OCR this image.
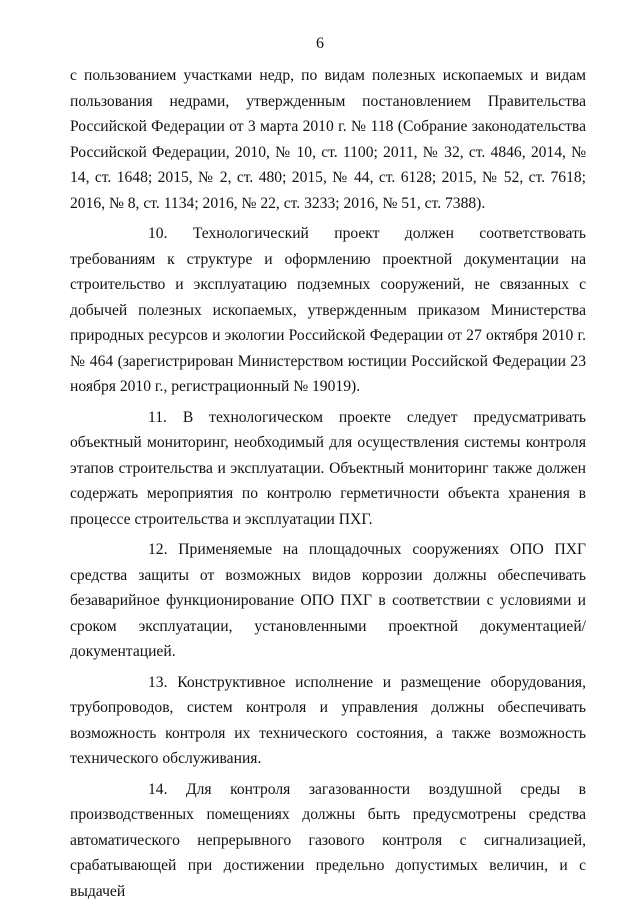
6

с пользованием участками недр, по видам полезных ископаемых и видам пользования недрами, утвержденным постановлением Правительства Российской Федерации от 3 марта 2010 г. № 118 (Собрание законодательства Российской Федерации, 2010, № 10, ст. 1100; 2011, № 32, ст. 4846, 2014, № 14, ст. 1648; 2015, № 2, ст. 480; 2015, № 44, ст. 6128; 2015, № 52, ст. 7618; 2016, № 8, ст. 1134; 2016, № 22, ст. 3233; 2016, № 51, ст. 7388).

10. Технологический проект должен соответствовать требованиям к структуре и оформлению проектной документации на строительство и эксплуатацию подземных сооружений, не связанных с добычей полезных ископаемых, утвержденным приказом Министерства природных ресурсов и экологии Российской Федерации от 27 октября 2010 г. № 464 (зарегистрирован Министерством юстиции Российской Федерации 23 ноября 2010 г., регистрационный № 19019).

11. В технологическом проекте следует предусматривать объектный мониторинг, необходимый для осуществления системы контроля этапов строительства и эксплуатации. Объектный мониторинг также должен содержать мероприятия по контролю герметичности объекта хранения в процессе строительства и эксплуатации ПХГ.

12. Применяемые на площадочных сооружениях ОПО ПХГ средства защиты от возможных видов коррозии должны обеспечивать безаварийное функционирование ОПО ПХГ в соответствии с условиями и сроком эксплуатации, установленными проектной документацией/документацией.

13. Конструктивное исполнение и размещение оборудования, трубопроводов, систем контроля и управления должны обеспечивать возможность контроля их технического состояния, а также возможность технического обслуживания.

14. Для контроля загазованности воздушной среды в производственных помещениях должны быть предусмотрены средства автоматического непрерывного газового контроля с сигнализацией, срабатывающей при достижении предельно допустимых величин, и с выдачей
